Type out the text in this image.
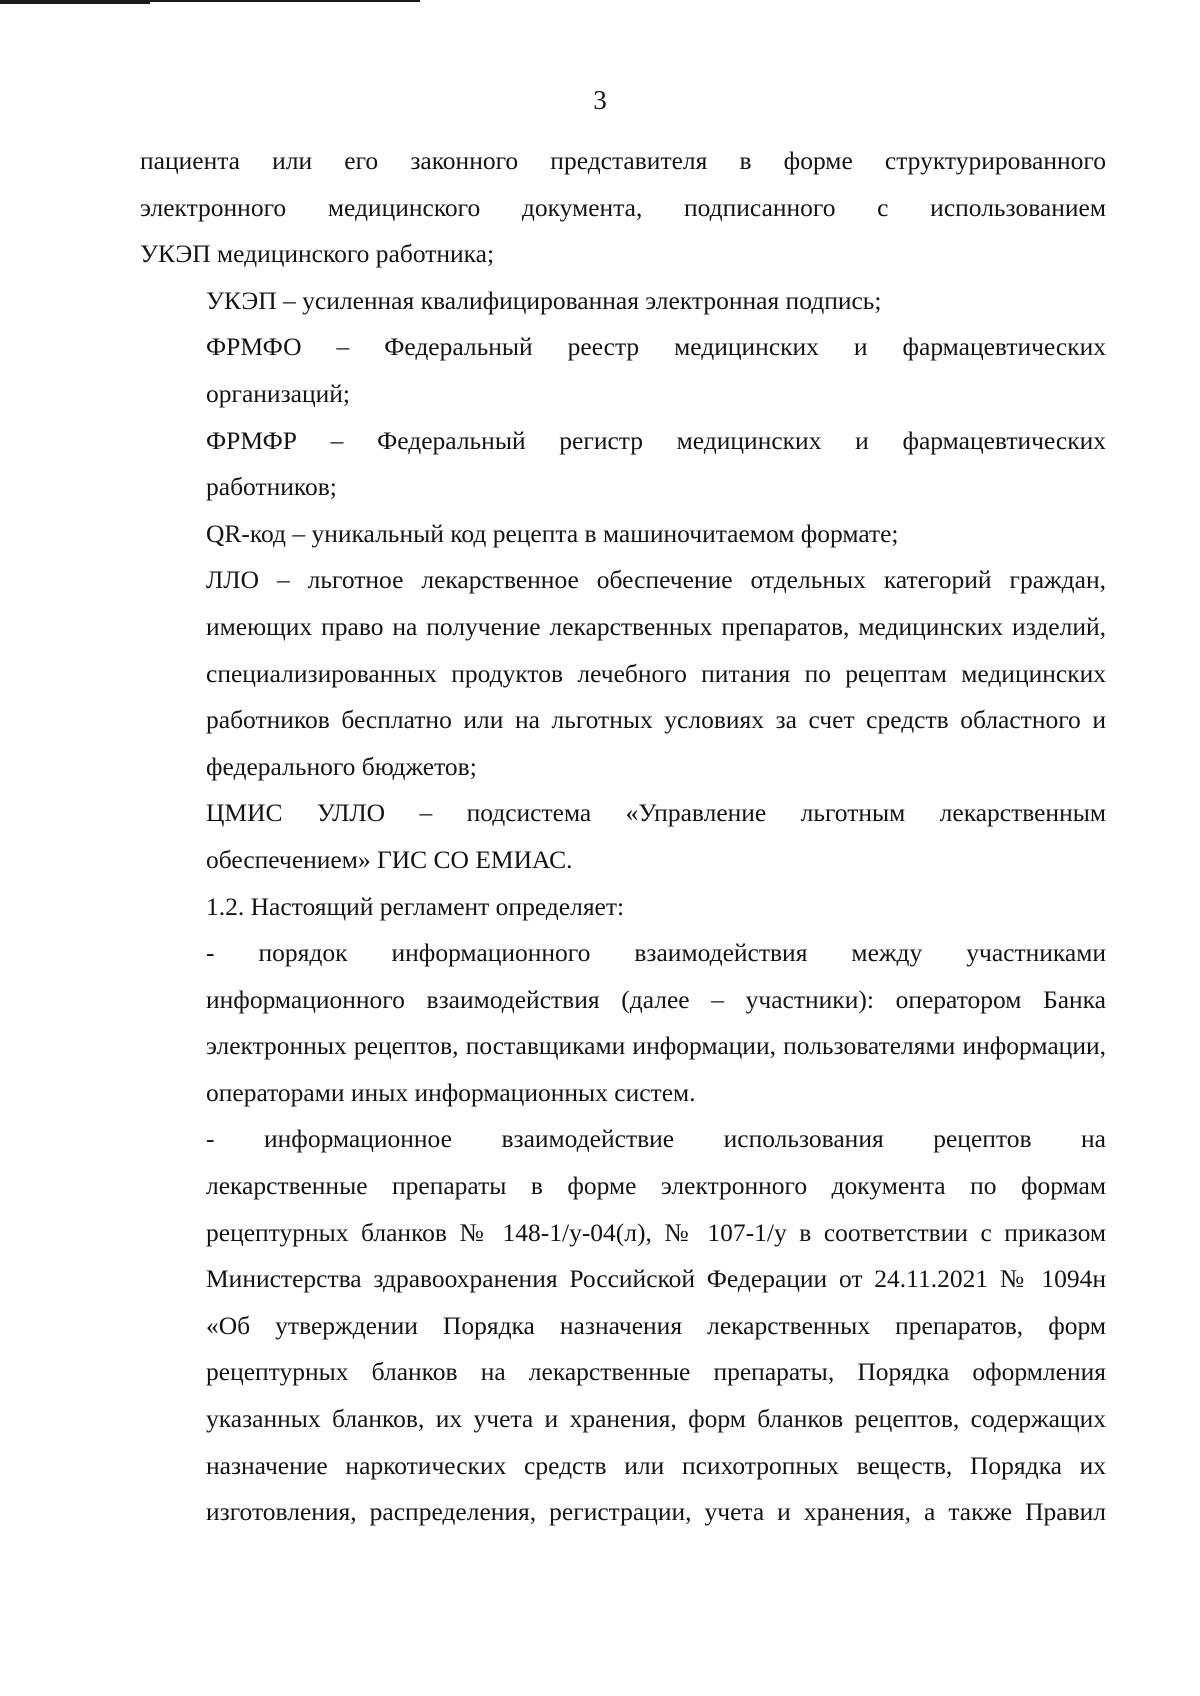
3

пациента или его законного представителя в форме структурированного
электронного медицинского документа, подписанного с использованием
УКЭП медицинского работника;

УКЭП – усиленная квалифицированная электронная подпись;

ФРМФО – Федеральный реестр медицинских и фармацевтических
организаций;

ФРМФР – Федеральный регистр медицинских и фармацевтических
работников;

QR-код – уникальный код рецепта в машиночитаемом формате;

ЛЛО – льготное лекарственное обеспечение отдельных категорий граждан,
имеющих право на получение лекарственных препаратов, медицинских изделий,
специализированных продуктов лечебного питания по рецептам медицинских
работников бесплатно или на льготных условиях за счет средств областного и
федерального бюджетов;

ЦМИС УЛЛО – подсистема «Управление льготным лекарственным
обеспечением» ГИС СО ЕМИАС.

1.2. Настоящий регламент определяет:

- порядок информационного взаимодействия между участниками
информационного взаимодействия (далее – участники): оператором Банка
электронных рецептов, поставщиками информации, пользователями информации,
операторами иных информационных систем.

- информационное взаимодействие использования рецептов на
лекарственные препараты в форме электронного документа по формам
рецептурных бланков № 148-1/у-04(л), № 107-1/у в соответствии с приказом
Министерства здравоохранения Российской Федерации от 24.11.2021 № 1094н
«Об утверждении Порядка назначения лекарственных препаратов, форм
рецептурных бланков на лекарственные препараты, Порядка оформления
указанных бланков, их учета и хранения, форм бланков рецептов, содержащих
назначение наркотических средств или психотропных веществ, Порядка их
изготовления, распределения, регистрации, учета и хранения, а также Правил
